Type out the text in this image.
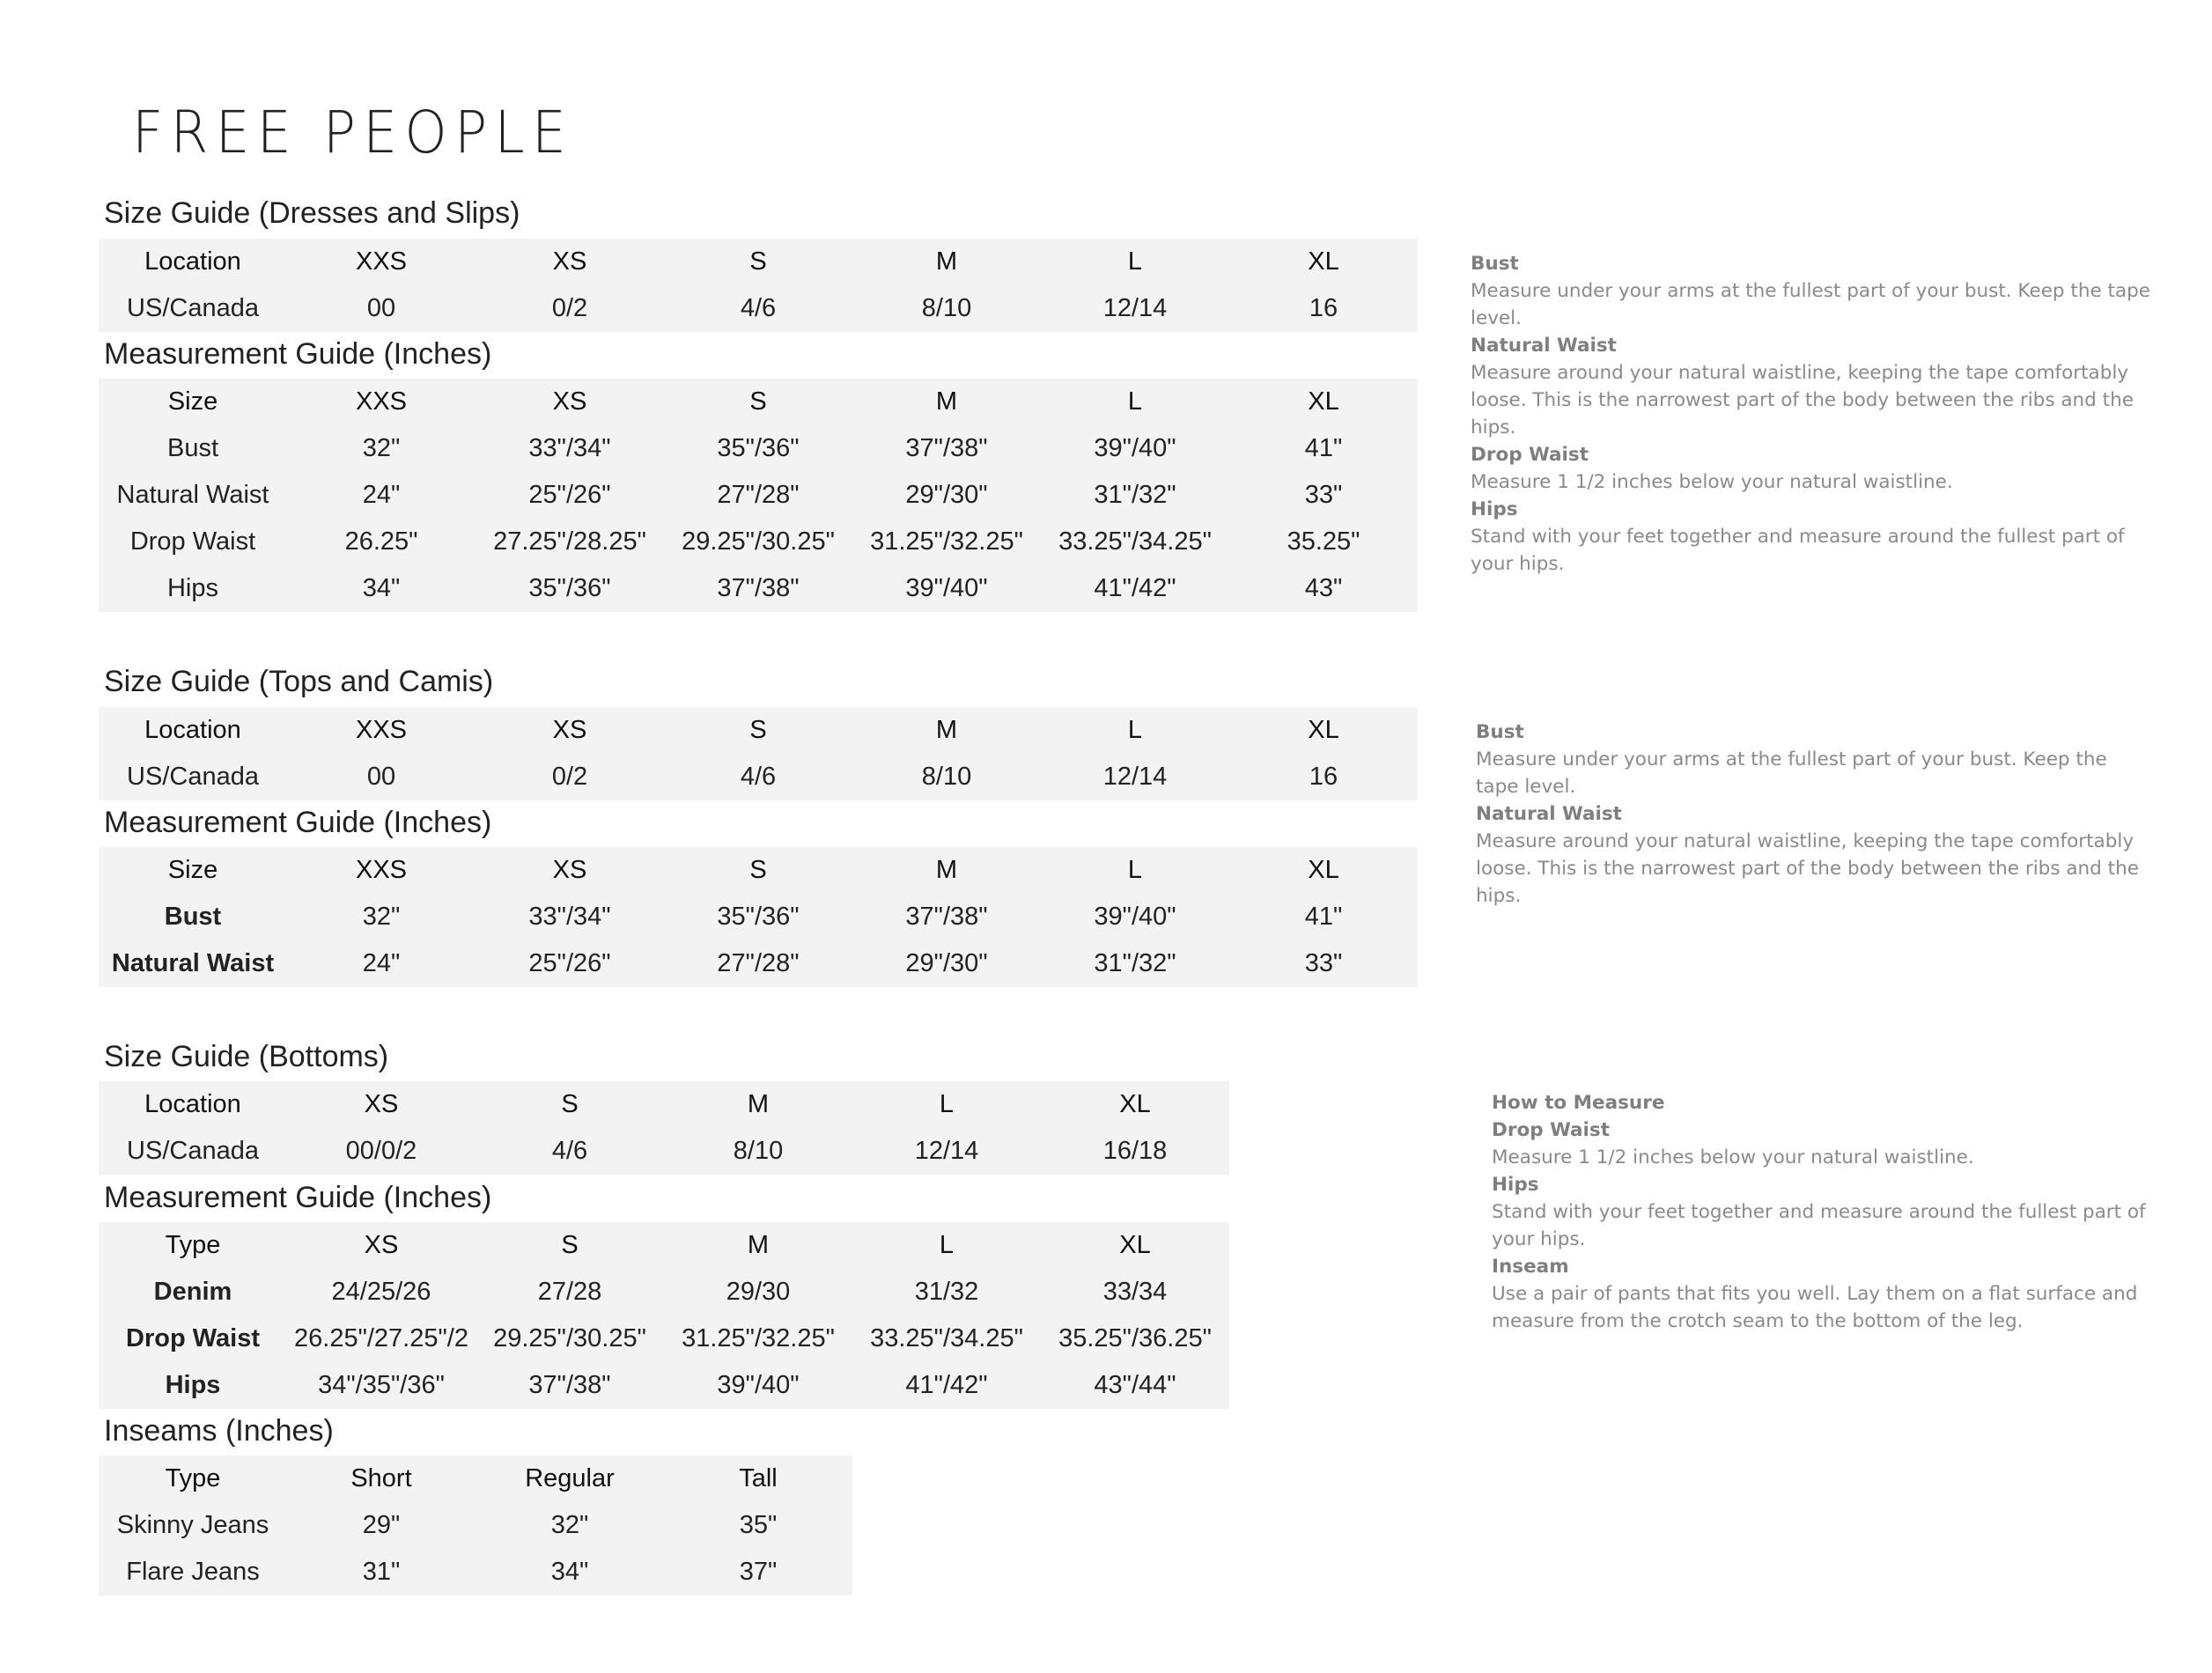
FREE PEOPLE
Size Guide (Dresses and Slips)
Location	XXS	XS	S	M	L	XL
US/Canada	00	0/2	4/6	8/10	12/14	16
Measurement Guide (Inches)
Size	XXS	XS	S	M	L	XL
Bust	32"	33"/34"	35"/36"	37"/38"	39"/40"	41"
Natural Waist	24"	25"/26"	27"/28"	29"/30"	31"/32"	33"
Drop Waist	26.25"	27.25"/28.25"	29.25"/30.25"	31.25"/32.25"	33.25"/34.25"	35.25"
Hips	34"	35"/36"	37"/38"	39"/40"	41"/42"	43"
Bust
Measure under your arms at the fullest part of your bust. Keep the tape level.
Natural Waist
Measure around your natural waistline, keeping the tape comfortably loose. This is the narrowest part of the body between the ribs and the hips.
Drop Waist
Measure 1 1/2 inches below your natural waistline.
Hips
Stand with your feet together and measure around the fullest part of your hips.
Size Guide (Tops and Camis)
Location	XXS	XS	S	M	L	XL
US/Canada	00	0/2	4/6	8/10	12/14	16
Measurement Guide (Inches)
Size	XXS	XS	S	M	L	XL
Bust	32"	33"/34"	35"/36"	37"/38"	39"/40"	41"
Natural Waist	24"	25"/26"	27"/28"	29"/30"	31"/32"	33"
Bust
Measure under your arms at the fullest part of your bust. Keep the tape level.
Natural Waist
Measure around your natural waistline, keeping the tape comfortably loose. This is the narrowest part of the body between the ribs and the hips.
Size Guide (Bottoms)
Location	XS	S	M	L	XL
US/Canada	00/0/2	4/6	8/10	12/14	16/18
Measurement Guide (Inches)
Type	XS	S	M	L	XL
Denim	24/25/26	27/28	29/30	31/32	33/34
Drop Waist	26.25"/27.25"/2	29.25"/30.25"	31.25"/32.25"	33.25"/34.25"	35.25"/36.25"
Hips	34"/35"/36"	37"/38"	39"/40"	41"/42"	43"/44"
Inseams (Inches)
Type	Short	Regular	Tall
Skinny Jeans	29"	32"	35"
Flare Jeans	31"	34"	37"
How to Measure
Drop Waist
Measure 1 1/2 inches below your natural waistline.
Hips
Stand with your feet together and measure around the fullest part of your hips.
Inseam
Use a pair of pants that fits you well. Lay them on a flat surface and measure from the crotch seam to the bottom of the leg.
